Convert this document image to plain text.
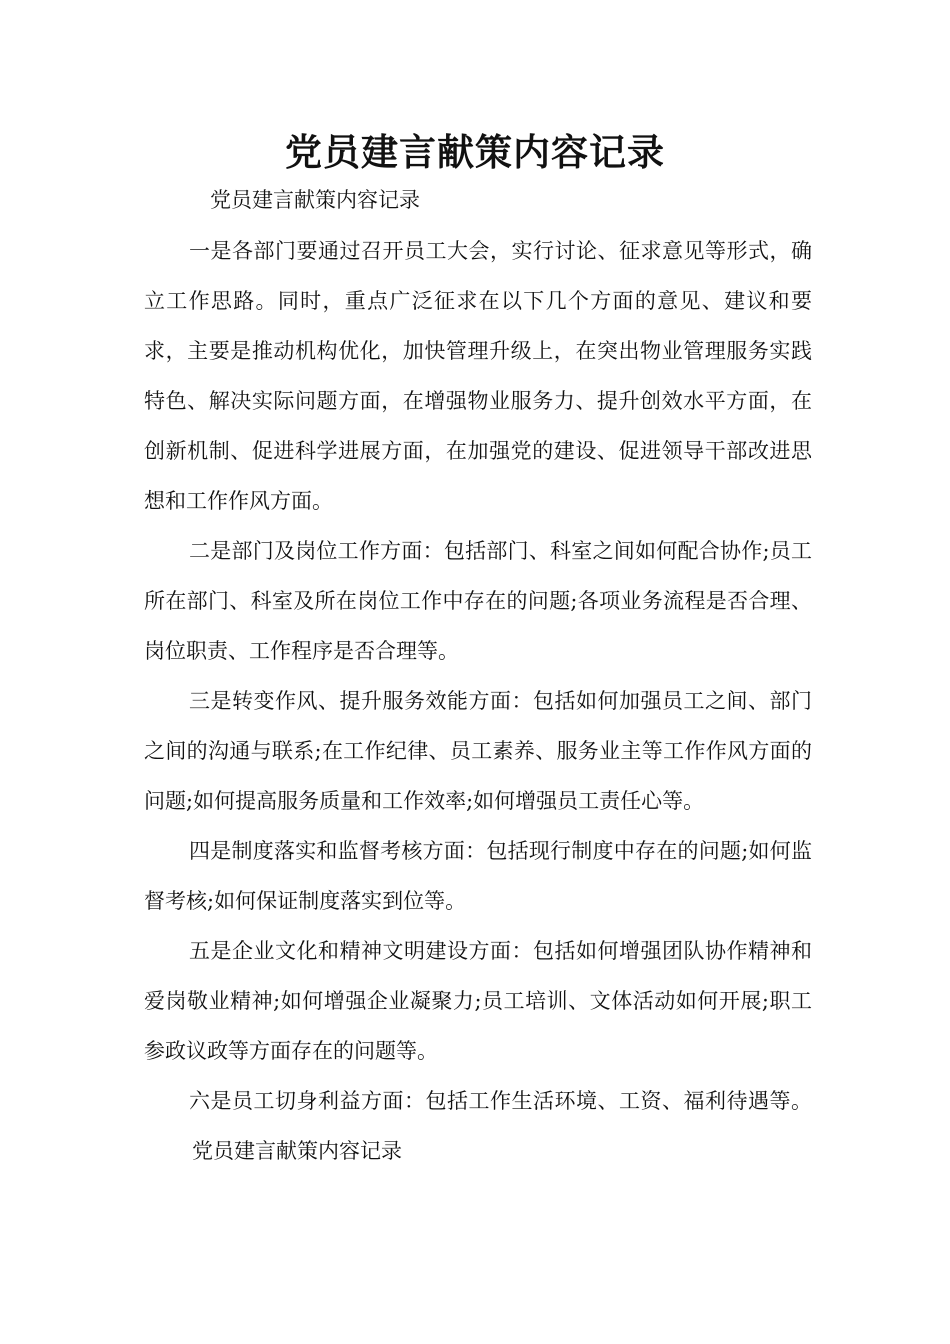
党员建言献策内容记录

党员建言献策内容记录

一是各部门要通过召开员工大会，实行讨论、征求意见等形式，确立工作思路。同时，重点广泛征求在以下几个方面的意见、建议和要求，主要是推动机构优化，加快管理升级上，在突出物业管理服务实践特色、解决实际问题方面，在增强物业服务力、提升创效水平方面，在创新机制、促进科学进展方面，在加强党的建设、促进领导干部改进思想和工作作风方面。

二是部门及岗位工作方面：包括部门、科室之间如何配合协作;员工所在部门、科室及所在岗位工作中存在的问题;各项业务流程是否合理、岗位职责、工作程序是否合理等。

三是转变作风、提升服务效能方面：包括如何加强员工之间、部门之间的沟通与联系;在工作纪律、员工素养、服务业主等工作作风方面的问题;如何提高服务质量和工作效率;如何增强员工责任心等。

四是制度落实和监督考核方面：包括现行制度中存在的问题;如何监督考核;如何保证制度落实到位等。

五是企业文化和精神文明建设方面：包括如何增强团队协作精神和爱岗敬业精神;如何增强企业凝聚力;员工培训、文体活动如何开展;职工参政议政等方面存在的问题等。

六是员工切身利益方面：包括工作生活环境、工资、福利待遇等。党员建言献策内容记录
